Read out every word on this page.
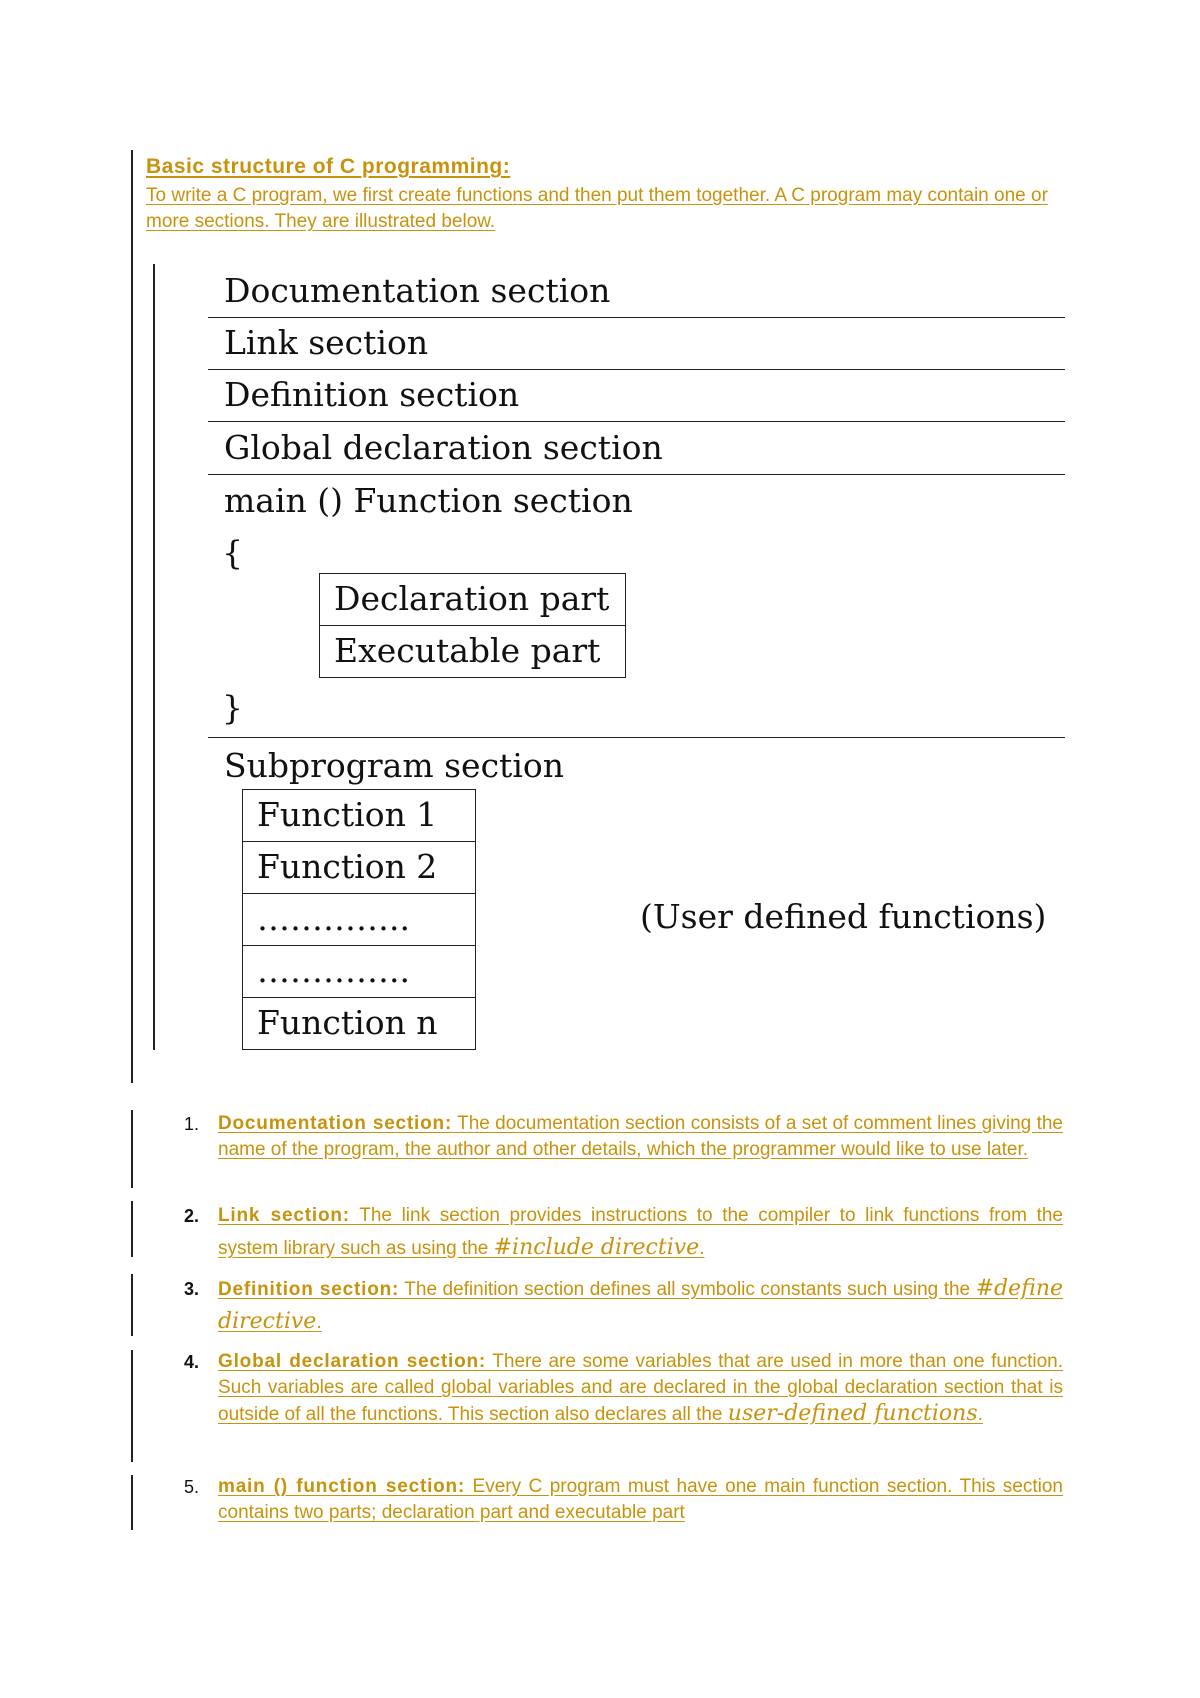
Basic structure of C programming:
To write a C program, we first create functions and then put them together. A C program may contain one or more sections. They are illustrated below.
Documentation section
Link section
Definition section
Global declaration section
main () Function section
{
Declaration part
Executable part
}
Subprogram section
Function 1
Function 2
…………..
…………..
Function n
(User defined functions)
1. Documentation section: The documentation section consists of a set of comment lines giving the name of the program, the author and other details, which the programmer would like to use later.
2. Link section: The link section provides instructions to the compiler to link functions from the system library such as using the #include directive.
3. Definition section: The definition section defines all symbolic constants such using the #define directive.
4. Global declaration section: There are some variables that are used in more than one function. Such variables are called global variables and are declared in the global declaration section that is outside of all the functions. This section also declares all the user-defined functions.
5. main () function section: Every C program must have one main function section. This section contains two parts; declaration part and executable part
